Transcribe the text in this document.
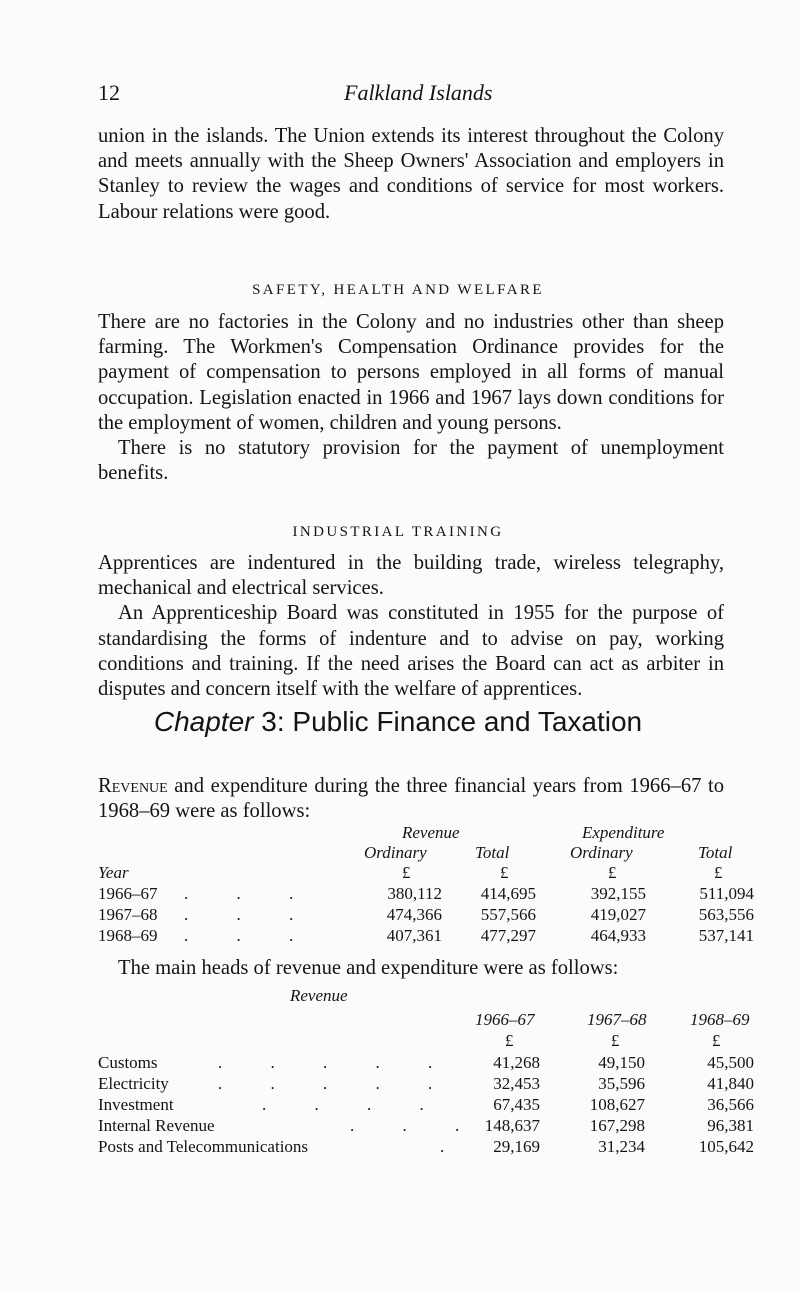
12	Falkland Islands

union in the islands. The Union extends its interest throughout the Colony and meets annually with the Sheep Owners' Association and employers in Stanley to review the wages and conditions of service for most workers. Labour relations were good.

SAFETY, HEALTH AND WELFARE

There are no factories in the Colony and no industries other than sheep farming. The Workmen's Compensation Ordinance provides for the payment of compensation to persons employed in all forms of manual occupation. Legislation enacted in 1966 and 1967 lays down conditions for the employment of women, children and young persons.

There is no statutory provision for the payment of unemployment benefits.

INDUSTRIAL TRAINING

Apprentices are indentured in the building trade, wireless telegraphy, mechanical and electrical services.

An Apprenticeship Board was constituted in 1955 for the purpose of standardising the forms of indenture and to advise on pay, working conditions and training. If the need arises the Board can act as arbiter in disputes and concern itself with the welfare of apprentices.

Chapter 3: Public Finance and Taxation

Revenue and expenditure during the three financial years from 1966–67 to 1968–69 were as follows:

Revenue	Expenditure
Ordinary	Total	Ordinary	Total
Year	£	£	£	£
1966–67 . . .	380,112 414,695	392,155	511,094
1967–68 . . .	474,366 557,566	419,027	563,556
1968–69 . . .	407,361 477,297	464,933	537,141

The main heads of revenue and expenditure were as follows:

Revenue
1966–67	1967–68	1968–69
£	£	£
Customs	. . . . . 41,268	49,150	45,500
Electricity	. . . . . 32,453	35,596	41,840
Investment	. . . .	67,435	108,627	36,566
Internal Revenue	. . . 148,637	167,298	96,381
Posts and Telecommunications	.	29,169	31,234	105,642
